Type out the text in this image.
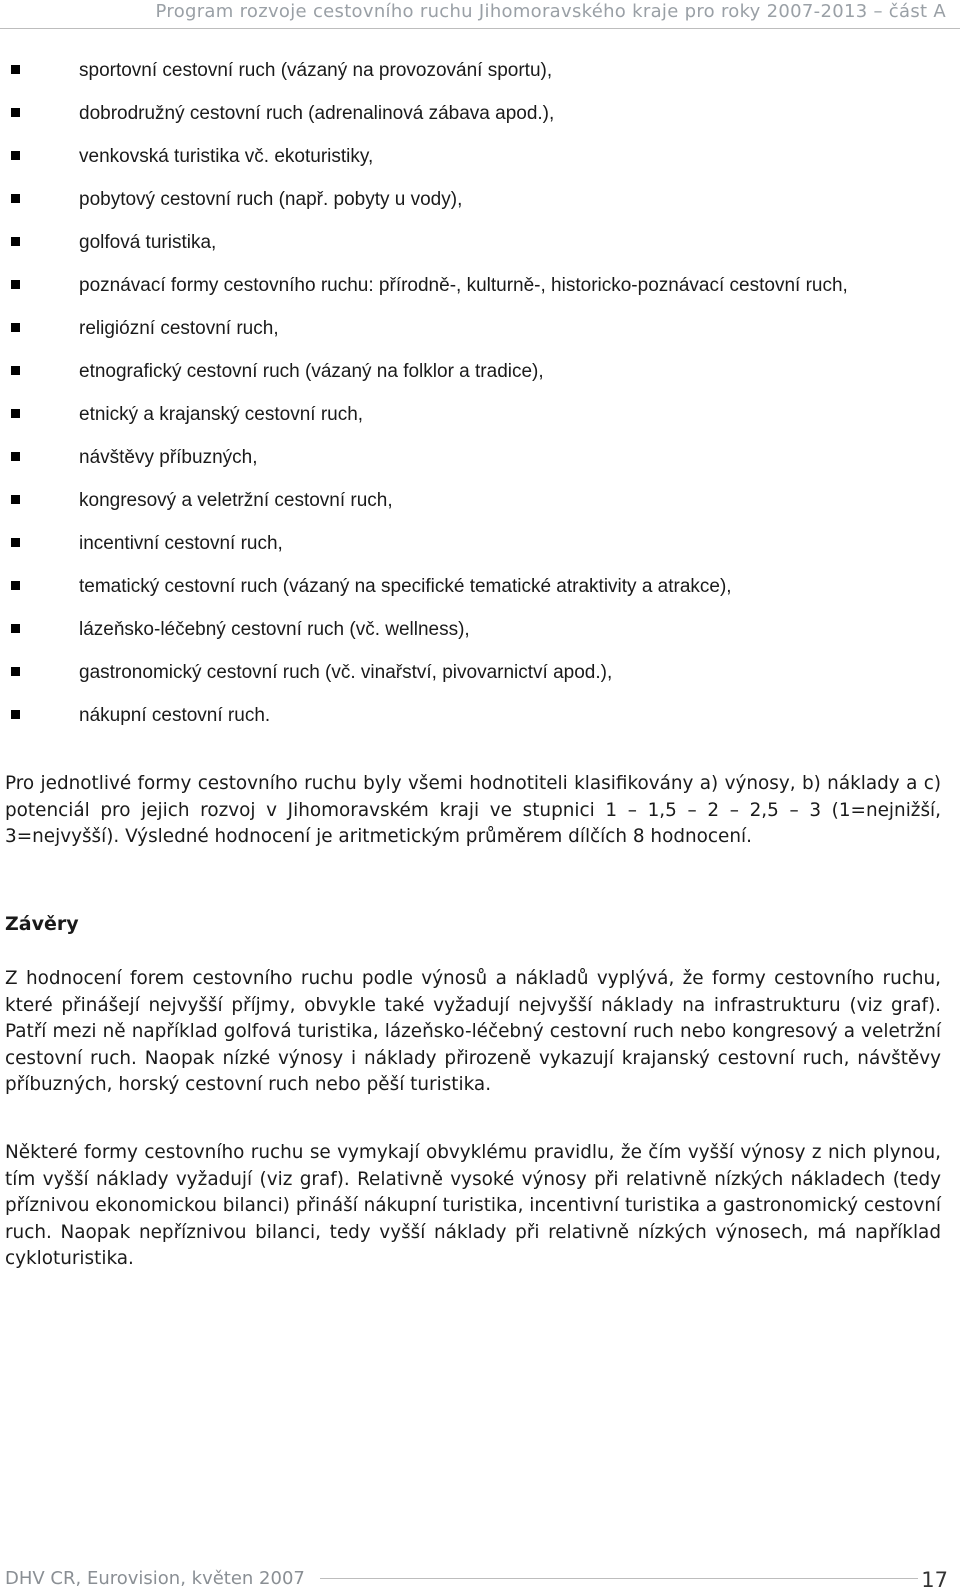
Program rozvoje cestovního ruchu Jihomoravského kraje pro roky 2007-2013 – část A
sportovní cestovní ruch (vázaný na provozování sportu),
dobrodružný cestovní ruch (adrenalinová zábava apod.),
venkovská turistika vč. ekoturistiky,
pobytový cestovní ruch (např. pobyty u vody),
golfová turistika,
poznávací formy cestovního ruchu: přírodně-, kulturně-, historicko-poznávací cestovní ruch,
religiózní cestovní ruch,
etnografický cestovní ruch (vázaný na folklor a tradice),
etnický a krajanský cestovní ruch,
návštěvy příbuzných,
kongresový a veletržní cestovní ruch,
incentivní cestovní ruch,
tematický cestovní ruch (vázaný na specifické tematické atraktivity a atrakce),
lázeňsko-léčebný cestovní ruch (vč. wellness),
gastronomický cestovní ruch (vč. vinařství, pivovarnictví apod.),
nákupní cestovní ruch.

Pro jednotlivé formy cestovního ruchu byly všemi hodnotiteli klasifikovány a) výnosy, b) náklady a c) potenciál pro jejich rozvoj v Jihomoravském kraji ve stupnici 1 – 1,5 – 2 – 2,5 – 3 (1=nejnižší, 3=nejvyšší). Výsledné hodnocení je aritmetickým průměrem dílčích 8 hodnocení.

Závěry

Z hodnocení forem cestovního ruchu podle výnosů a nákladů vyplývá, že formy cestovního ruchu, které přinášejí nejvyšší příjmy, obvykle také vyžadují nejvyšší náklady na infrastrukturu (viz graf). Patří mezi ně například golfová turistika, lázeňsko-léčebný cestovní ruch nebo kongresový a veletržní cestovní ruch. Naopak nízké výnosy i náklady přirozeně vykazují krajanský cestovní ruch, návštěvy příbuzných, horský cestovní ruch nebo pěší turistika.

Některé formy cestovního ruchu se vymykají obvyklému pravidlu, že čím vyšší výnosy z nich plynou, tím vyšší náklady vyžadují (viz graf). Relativně vysoké výnosy při relativně nízkých nákladech (tedy příznivou ekonomickou bilanci) přináší nákupní turistika, incentivní turistika a gastronomický cestovní ruch. Naopak nepříznivou bilanci, tedy vyšší náklady při relativně nízkých výnosech, má například cykloturistika.

DHV CR, Eurovision, květen 2007	17
